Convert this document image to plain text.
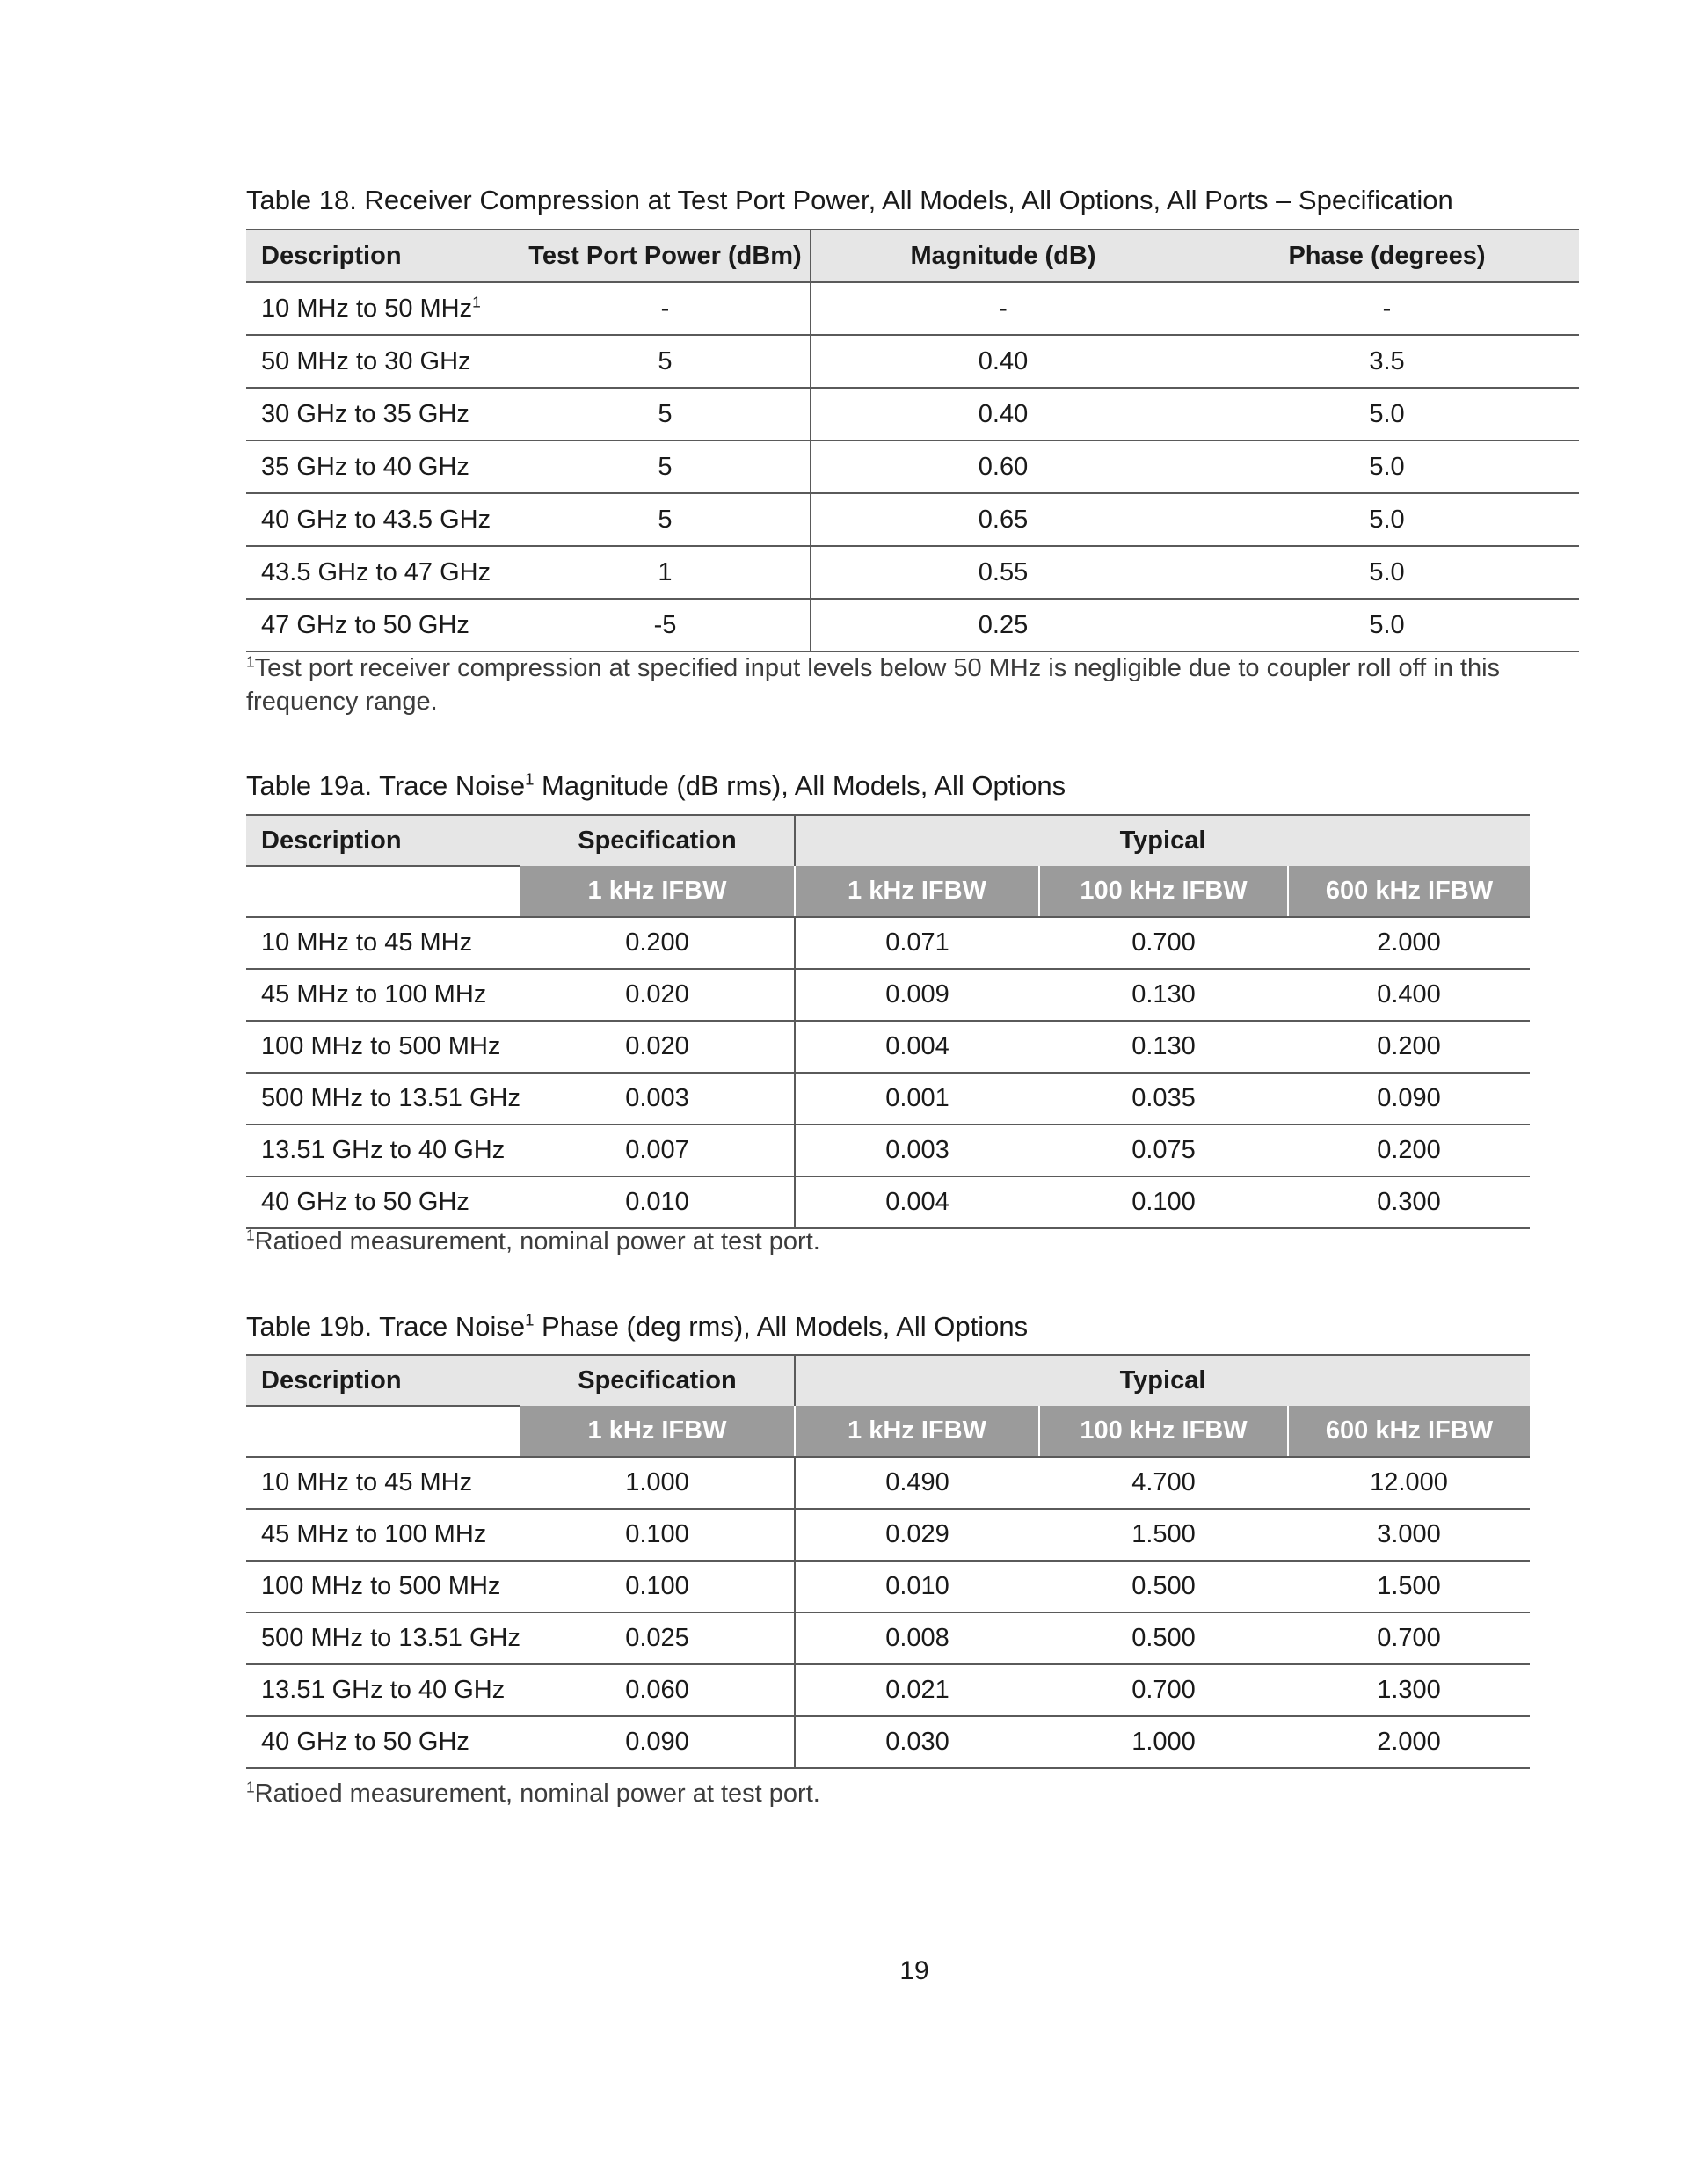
Table 18. Receiver Compression at Test Port Power, All Models, All Options, All Ports – Specification
Description	Test Port Power (dBm)	Magnitude (dB)	Phase (degrees)
10 MHz to 50 MHz$^1$	-	-	-
50 MHz to 30 GHz	5	0.40	3.5
30 GHz to 35 GHz	5	0.40	5.0
35 GHz to 40 GHz	5	0.60	5.0
40 GHz to 43.5 GHz	5	0.65	5.0
43.5 GHz to 47 GHz	1	0.55	5.0
47 GHz to 50 GHz	-5	0.25	5.0
$^1$Test port receiver compression at specified input levels below 50 MHz is negligible due to coupler roll off in this frequency range.
Table 19a. Trace Noise$^1$ Magnitude (dB rms), All Models, All Options
Description	Specification	Typical		
	1 kHz IFBW	1 kHz IFBW	100 kHz IFBW	600 kHz IFBW
10 MHz to 45 MHz	0.200	0.071	0.700	2.000
45 MHz to 100 MHz	0.020	0.009	0.130	0.400
100 MHz to 500 MHz	0.020	0.004	0.130	0.200
500 MHz to 13.51 GHz	0.003	0.001	0.035	0.090
13.51 GHz to 40 GHz	0.007	0.003	0.075	0.200
40 GHz to 50 GHz	0.010	0.004	0.100	0.300
$^1$Ratioed measurement, nominal power at test port.
Table 19b. Trace Noise$^1$ Phase (deg rms), All Models, All Options
Description	Specification	Typical		
	1 kHz IFBW	1 kHz IFBW	100 kHz IFBW	600 kHz IFBW
10 MHz to 45 MHz	1.000	0.490	4.700	12.000
45 MHz to 100 MHz	0.100	0.029	1.500	3.000
100 MHz to 500 MHz	0.100	0.010	0.500	1.500
500 MHz to 13.51 GHz	0.025	0.008	0.500	0.700
13.51 GHz to 40 GHz	0.060	0.021	0.700	1.300
40 GHz to 50 GHz	0.090	0.030	1.000	2.000
$^1$Ratioed measurement, nominal power at test port.
19
